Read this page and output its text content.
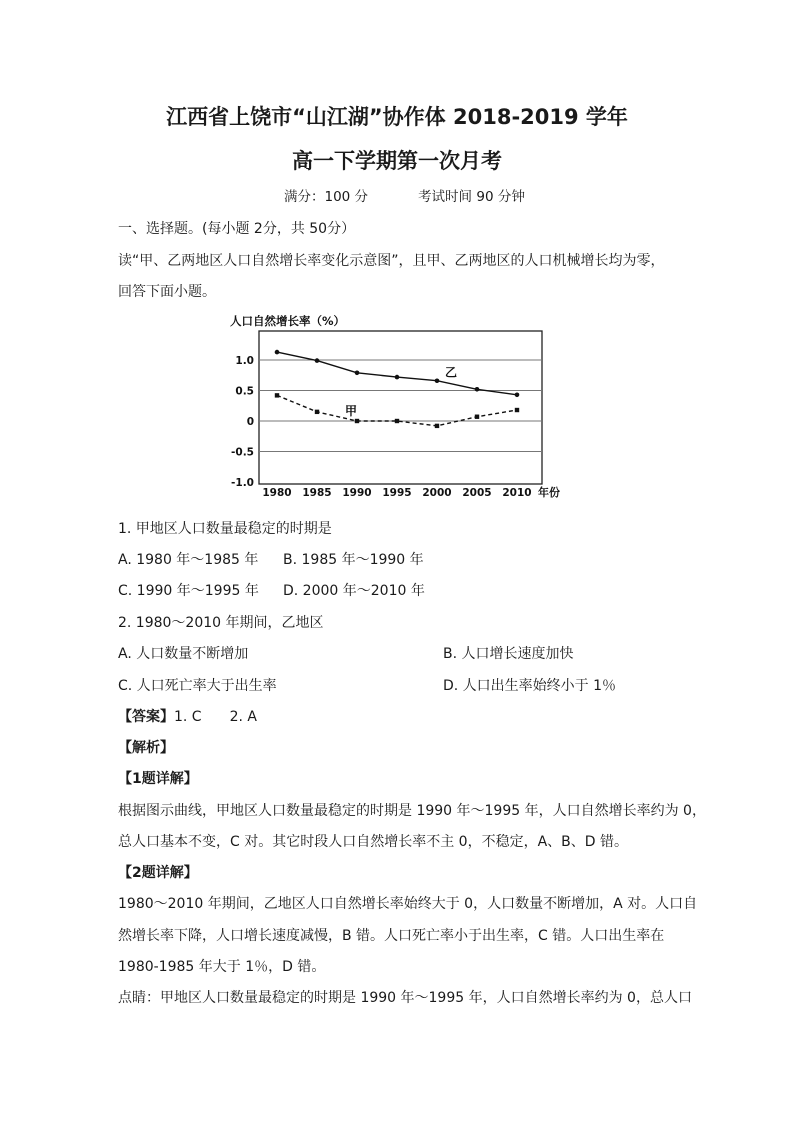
江西省上饶市“山江湖”协作体 2018-2019 学年
高一下学期第一次月考
满分：100 分	考试时间 90 分钟
一、选择题。(每小题 2分，共 50分）
读“甲、乙两地区人口自然增长率变化示意图”，且甲、乙两地区的人口机械增长均为零，
回答下面小题。
人口自然增长率（%）
1.0
0.5
0
-0.5
-1.0
1980 1985 1990 1995 2000 2005 2010
乙
甲
年份
1. 甲地区人口数量最稳定的时期是
A. 1980 年～1985 年 B. 1985 年～1990 年
C. 1990 年～1995 年 D. 2000 年～2010 年
2. 1980～2010 年期间，乙地区
A. 人口数量不断增加	B. 人口增长速度加快
C. 人口死亡率大于出生率	D. 人口出生率始终小于 1％
【答案】1. C　　2. A
【解析】
【1题详解】
根据图示曲线，甲地区人口数量最稳定的时期是 1990 年～1995 年，人口自然增长率约为 0，
总人口基本不变，C 对。其它时段人口自然增长率不主 0，不稳定，A、B、D 错。
【2题详解】
1980～2010 年期间，乙地区人口自然增长率始终大于 0，人口数量不断增加，A 对。人口自
然增长率下降，人口增长速度减慢，B 错。人口死亡率小于出生率，C 错。人口出生率在
1980-1985 年大于 1％，D 错。
点睛：甲地区人口数量最稳定的时期是 1990 年～1995 年，人口自然增长率约为 0，总人口
